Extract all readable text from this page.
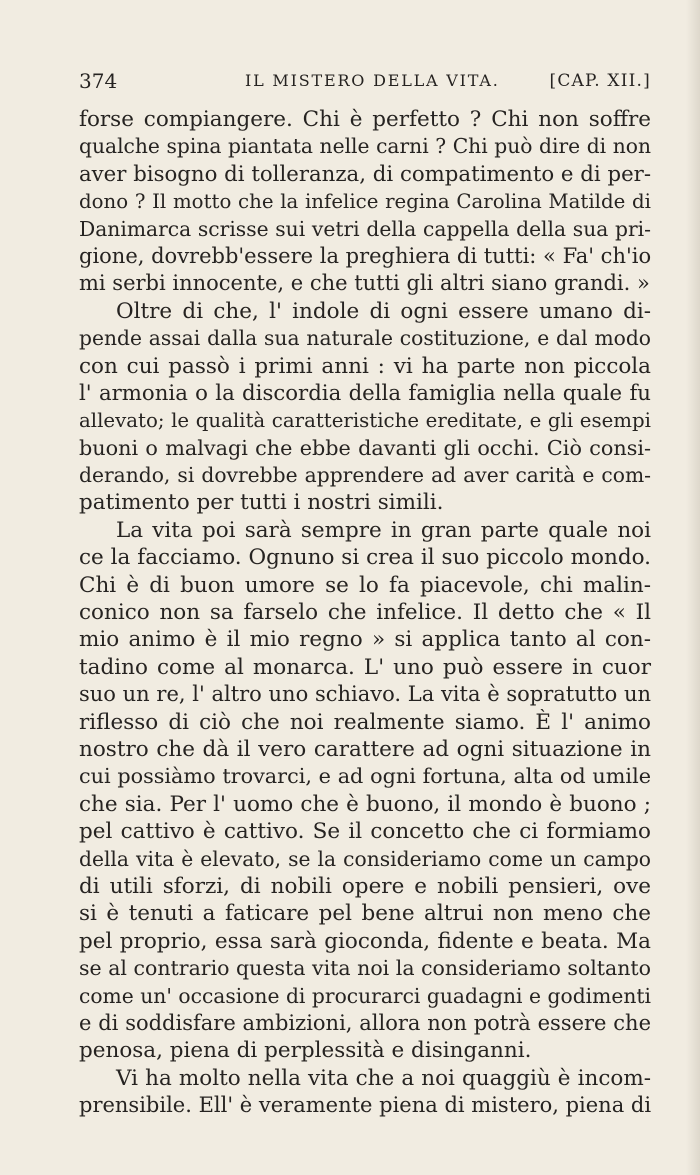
374	IL MISTERO DELLA VITA.	[CAP. XII.]
forse compiangere. Chi è perfetto ? Chi non soffre
qualche spina piantata nelle carni ? Chi può dire di non
aver bisogno di tolleranza, di compatimento e di per-
dono ? Il motto che la infelice regina Carolina Matilde di
Danimarca scrisse sui vetri della cappella della sua pri-
gione, dovrebb'essere la preghiera di tutti: « Fa' ch'io
mi serbi innocente, e che tutti gli altri siano grandi. »
Oltre di che, l' indole di ogni essere umano di-
pende assai dalla sua naturale costituzione, e dal modo
con cui passò i primi anni : vi ha parte non piccola
l' armonia o la discordia della famiglia nella quale fu
allevato; le qualità caratteristiche ereditate, e gli esempi
buoni o malvagi che ebbe davanti gli occhi. Ciò consi-
derando, si dovrebbe apprendere ad aver carità e com-
patimento per tutti i nostri simili.
La vita poi sarà sempre in gran parte quale noi
ce la facciamo. Ognuno si crea il suo piccolo mondo.
Chi è di buon umore se lo fa piacevole, chi malin-
conico non sa farselo che infelice. Il detto che « Il
mio animo è il mio regno » si applica tanto al con-
tadino come al monarca. L' uno può essere in cuor
suo un re, l' altro uno schiavo. La vita è sopratutto un
riflesso di ciò che noi realmente siamo. È l' animo
nostro che dà il vero carattere ad ogni situazione in
cui possiàmo trovarci, e ad ogni fortuna, alta od umile
che sia. Per l' uomo che è buono, il mondo è buono ;
pel cattivo è cattivo. Se il concetto che ci formiamo
della vita è elevato, se la consideriamo come un campo
di utili sforzi, di nobili opere e nobili pensieri, ove
si è tenuti a faticare pel bene altrui non meno che
pel proprio, essa sarà gioconda, fidente e beata. Ma
se al contrario questa vita noi la consideriamo soltanto
come un' occasione di procurarci guadagni e godimenti
e di soddisfare ambizioni, allora non potrà essere che
penosa, piena di perplessità e disinganni.
Vi ha molto nella vita che a noi quaggiù è incom-
prensibile. Ell' è veramente piena di mistero, piena di
